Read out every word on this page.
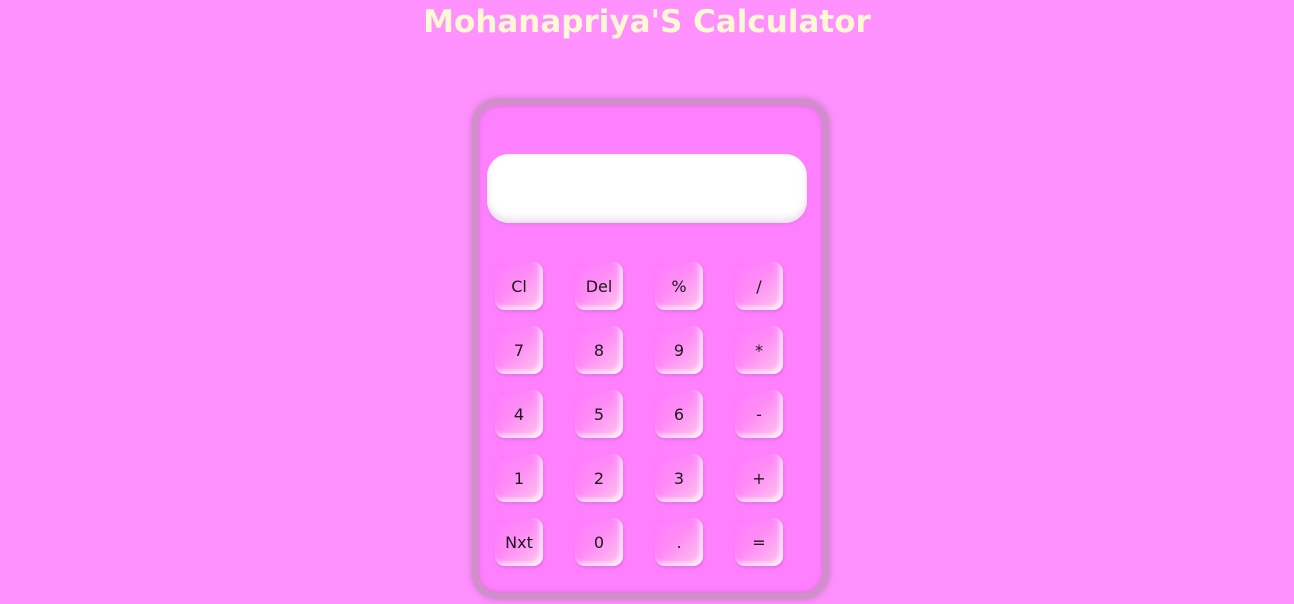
Mohanapriya'S Calculator
Cl	Del	%	/
7	8	9	*
4	5	6	-
1	2	3	+
Nxt	0	.	=
